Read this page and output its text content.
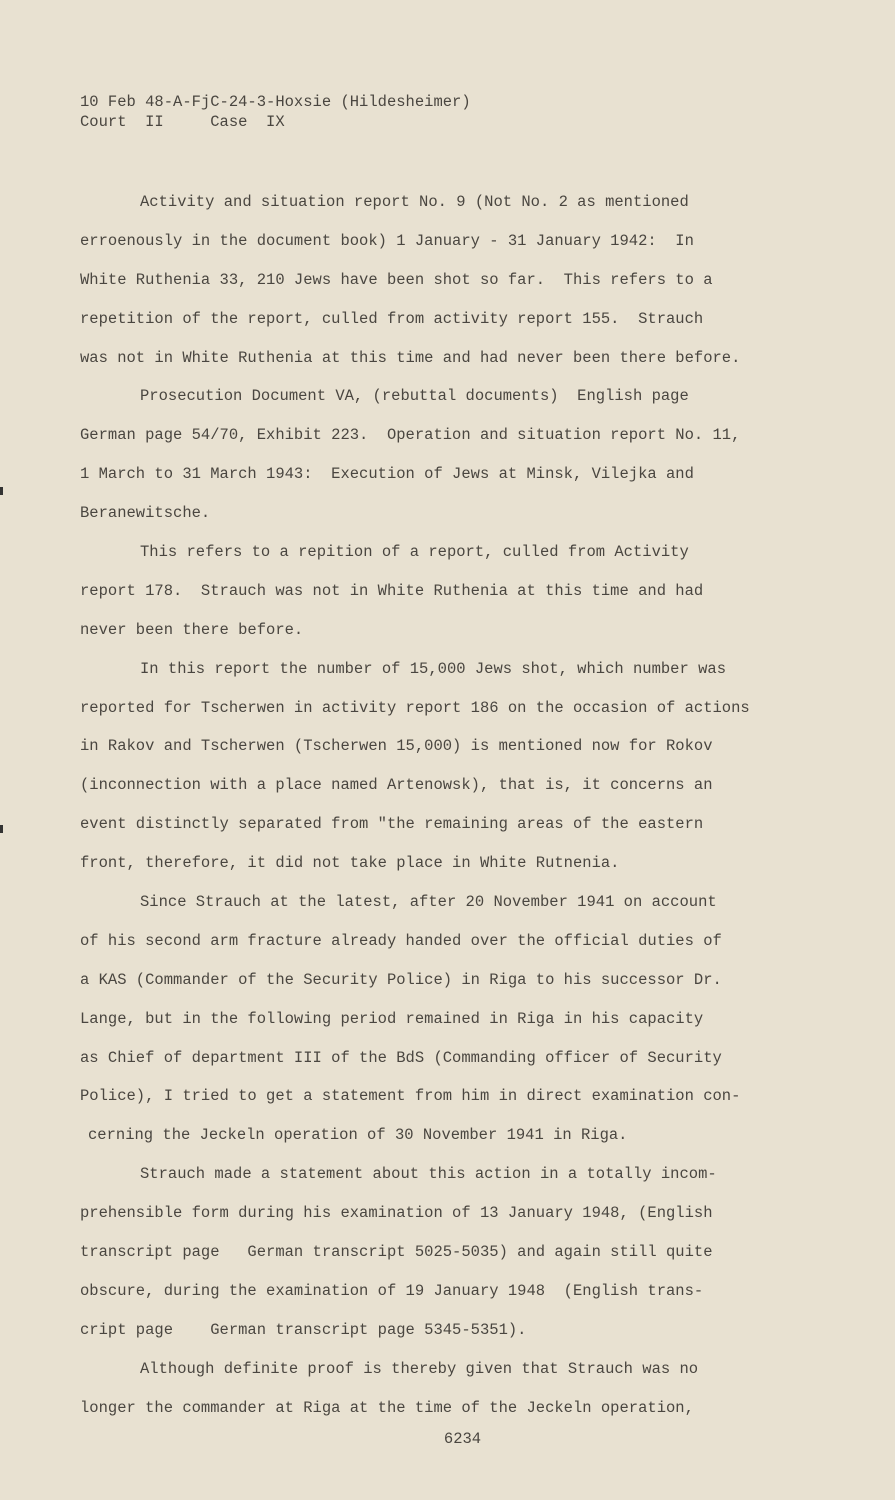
10 Feb 48-A-FjC-24-3-Hoxsie (Hildesheimer)
Court  II     Case  IX
Activity and situation report No. 9 (Not No. 2 as mentioned
erroenously in the document book) 1 January - 31 January 1942:  In
White Ruthenia 33, 210 Jews have been shot so far.  This refers to a
repetition of the report, culled from activity report 155.  Strauch
was not in White Ruthenia at this time and had never been there before.
Prosecution Document VA, (rebuttal documents)  English page
German page 54/70, Exhibit 223.  Operation and situation report No. 11,
1 March to 31 March 1943:  Execution of Jews at Minsk, Vilejka and
Beranewitsche.
This refers to a repition of a report, culled from Activity
report 178.  Strauch was not in White Ruthenia at this time and had
never been there before.
In this report the number of 15,000 Jews shot, which number was
reported for Tscherwen in activity report 186 on the occasion of actions
in Rakov and Tscherwen (Tscherwen 15,000) is mentioned now for Rokov
(inconnection with a place named Artenowsk), that is, it concerns an
event distinctly separated from "the remaining areas of the eastern
front, therefore, it did not take place in White Rutnenia.
Since Strauch at the latest, after 20 November 1941 on account
of his second arm fracture already handed over the official duties of
a KAS (Commander of the Security Police) in Riga to his successor Dr.
Lange, but in the following period remained in Riga in his capacity
as Chief of department III of the BdS (Commanding officer of Security
Police), I tried to get a statement from him in direct examination con-
cerning the Jeckeln operation of 30 November 1941 in Riga.
Strauch made a statement about this action in a totally incom-
prehensible form during his examination of 13 January 1948, (English
transcript page   German transcript 5025-5035) and again still quite
obscure, during the examination of 19 January 1948  (English trans-
cript page    German transcript page 5345-5351).
Although definite proof is thereby given that Strauch was no
longer the commander at Riga at the time of the Jeckeln operation,
6234
